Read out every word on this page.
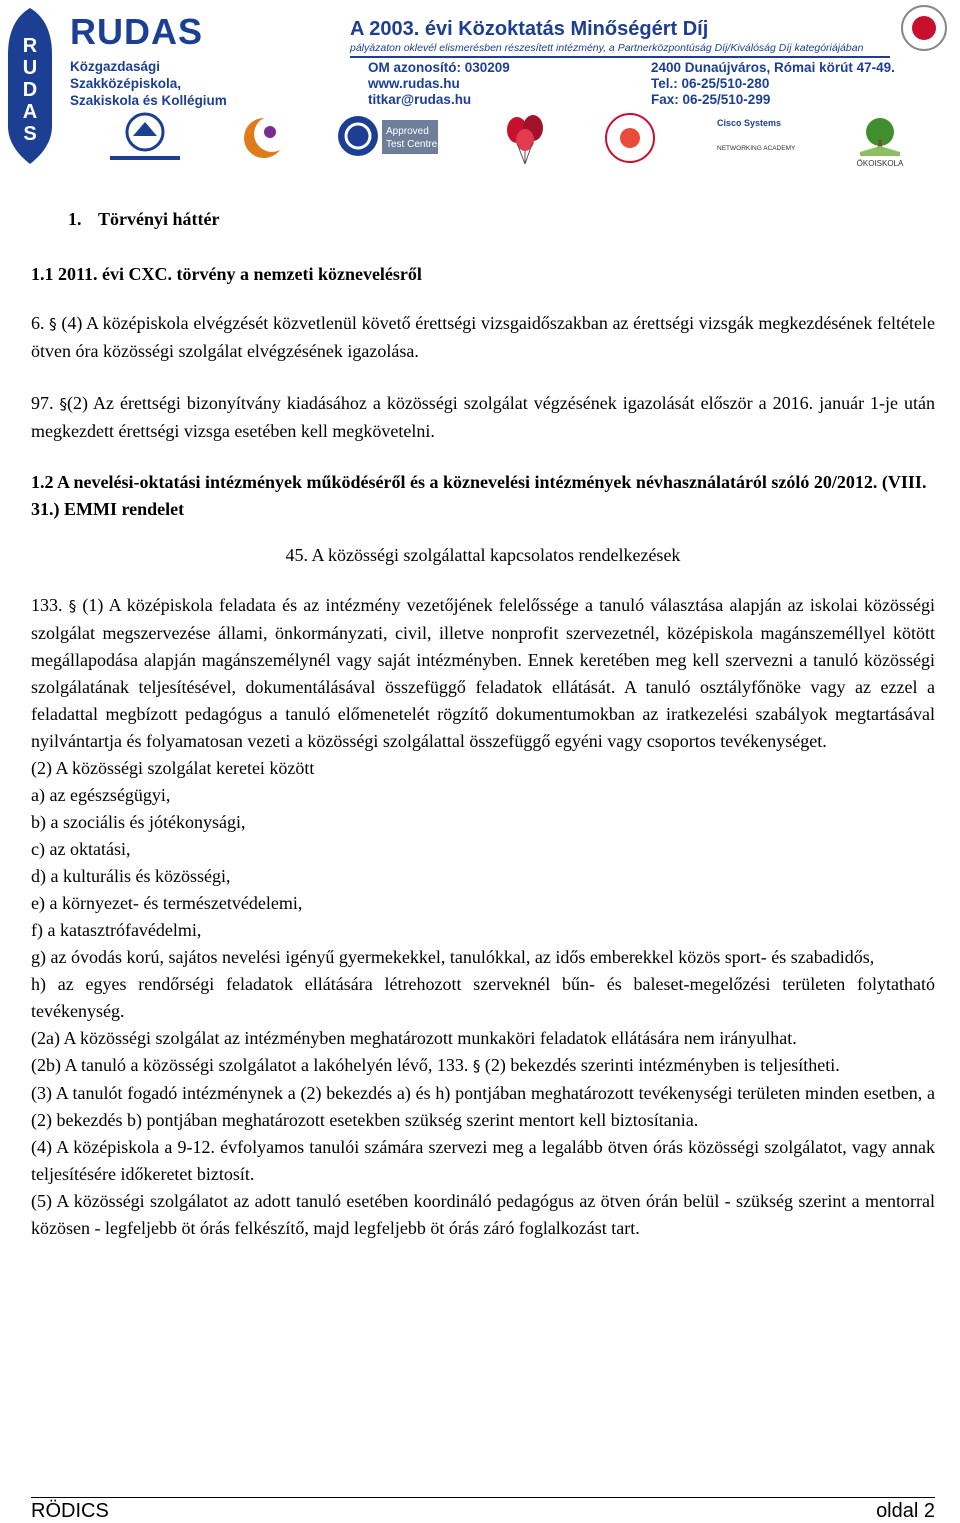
R
U
D
A
S
RUDAS
Közgazdasági
Szakközépiskola,
Szakiskola és Kollégium
A 2003. évi Közoktatás Minőségért Díj
pályázaton oklevél elismerésben részesített intézmény, a Partnerközpontúság Díj/Kiválóság Díj kategóriájában
OM azonosító: 030209
www.rudas.hu
titkar@rudas.hu
2400 Dunaújváros, Római körút 47-49.
Tel.: 06-25/510-280
Fax: 06-25/510-299
Approved
Test Centre
Cisco Systems
NETWORKING ACADEMY
ÖKOISKOLA
1. Törvényi háttér
1.1 2011. évi CXC. törvény a nemzeti köznevelésről
6. § (4) A középiskola elvégzését közvetlenül követő érettségi vizsgaidőszakban az érettségi vizsgák megkezdésének feltétele ötven óra közösségi szolgálat elvégzésének igazolása.
97. §(2) Az érettségi bizonyítvány kiadásához a közösségi szolgálat végzésének igazolását először a 2016. január 1-je után megkezdett érettségi vizsga esetében kell megkövetelni.
1.2 A nevelési-oktatási intézmények működéséről és a köznevelési intézmények névhasználatáról szóló 20/2012. (VIII. 31.) EMMI rendelet
45. A közösségi szolgálattal kapcsolatos rendelkezések
133. § (1) A középiskola feladata és az intézmény vezetőjének felelőssége a tanuló választása alapján az iskolai közösségi szolgálat megszervezése állami, önkormányzati, civil, illetve nonprofit szervezetnél, középiskola magánszeméllyel kötött megállapodása alapján magánszemélynél vagy saját intézményben. Ennek keretében meg kell szervezni a tanuló közösségi szolgálatának teljesítésével, dokumentálásával összefüggő feladatok ellátását. A tanuló osztályfőnöke vagy az ezzel a feladattal megbízott pedagógus a tanuló előmenetelét rögzítő dokumentumokban az iratkezelési szabályok megtartásával nyilvántartja és folyamatosan vezeti a közösségi szolgálattal összefüggő egyéni vagy csoportos tevékenységet.
(2) A közösségi szolgálat keretei között
a) az egészségügyi,
b) a szociális és jótékonysági,
c) az oktatási,
d) a kulturális és közösségi,
e) a környezet- és természetvédelemi,
f) a katasztrófavédelmi,
g) az óvodás korú, sajátos nevelési igényű gyermekekkel, tanulókkal, az idős emberekkel közös sport- és szabadidős,
h) az egyes rendőrségi feladatok ellátására létrehozott szerveknél bűn- és baleset-megelőzési területen folytatható tevékenység.
(2a) A közösségi szolgálat az intézményben meghatározott munkaköri feladatok ellátására nem irányulhat.
(2b) A tanuló a közösségi szolgálatot a lakóhelyén lévő, 133. § (2) bekezdés szerinti intézményben is teljesítheti.
(3) A tanulót fogadó intézménynek a (2) bekezdés a) és h) pontjában meghatározott tevékenységi területen minden esetben, a (2) bekezdés b) pontjában meghatározott esetekben szükség szerint mentort kell biztosítania.
(4) A középiskola a 9-12. évfolyamos tanulói számára szervezi meg a legalább ötven órás közösségi szolgálatot, vagy annak teljesítésére időkeretet biztosít.
(5) A közösségi szolgálatot az adott tanuló esetében koordináló pedagógus az ötven órán belül - szükség szerint a mentorral közösen - legfeljebb öt órás felkészítő, majd legfeljebb öt órás záró foglalkozást tart.
RÖDICS	oldal 2
